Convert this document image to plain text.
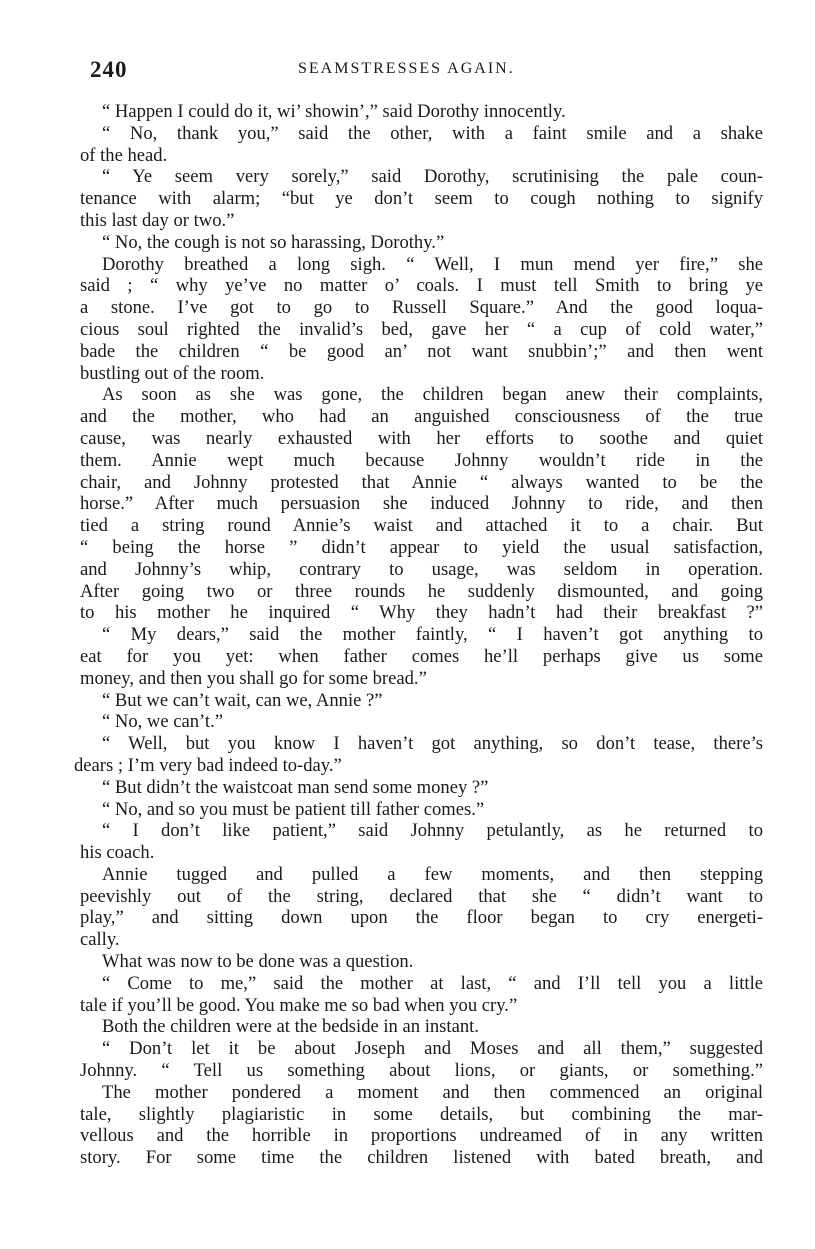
240	SEAMSTRESSES AGAIN.
“ Happen I could do it, wi’ showin’,” said Dorothy innocently.
“ No, thank you,” said the other, with a faint smile and a shake
of the head.
“ Ye seem very sorely,” said Dorothy, scrutinising the pale coun-
tenance with alarm; “but ye don’t seem to cough nothing to signify
this last day or two.”
“ No, the cough is not so harassing, Dorothy.”
Dorothy breathed a long sigh. “ Well, I mun mend yer fire,” she
said ; “ why ye’ve no matter o’ coals. I must tell Smith to bring ye
a stone. I’ve got to go to Russell Square.” And the good loqua-
cious soul righted the invalid’s bed, gave her “ a cup of cold water,”
bade the children “ be good an’ not want snubbin’;” and then went
bustling out of the room.
As soon as she was gone, the children began anew their complaints,
and the mother, who had an anguished consciousness of the true
cause, was nearly exhausted with her efforts to soothe and quiet
them. Annie wept much because Johnny wouldn’t ride in the
chair, and Johnny protested that Annie “ always wanted to be the
horse.” After much persuasion she induced Johnny to ride, and then
tied a string round Annie’s waist and attached it to a chair. But
“ being the horse ” didn’t appear to yield the usual satisfaction,
and Johnny’s whip, contrary to usage, was seldom in operation.
After going two or three rounds he suddenly dismounted, and going
to his mother he inquired “ Why they hadn’t had their breakfast ?”
“ My dears,” said the mother faintly, “ I haven’t got anything to
eat for you yet: when father comes he’ll perhaps give us some
money, and then you shall go for some bread.”
“ But we can’t wait, can we, Annie ?”
“ No, we can’t.”
“ Well, but you know I haven’t got anything, so don’t tease, there’s
dears ; I’m very bad indeed to-day.”
“ But didn’t the waistcoat man send some money ?”
“ No, and so you must be patient till father comes.”
“ I don’t like patient,” said Johnny petulantly, as he returned to
his coach.
Annie tugged and pulled a few moments, and then stepping
peevishly out of the string, declared that she “ didn’t want to
play,” and sitting down upon the floor began to cry energeti-
cally.
What was now to be done was a question.
“ Come to me,” said the mother at last, “ and I’ll tell you a little
tale if you’ll be good. You make me so bad when you cry.”
Both the children were at the bedside in an instant.
“ Don’t let it be about Joseph and Moses and all them,” suggested
Johnny. “ Tell us something about lions, or giants, or something.”
The mother pondered a moment and then commenced an original
tale, slightly plagiaristic in some details, but combining the mar-
vellous and the horrible in proportions undreamed of in any written
story. For some time the children listened with bated breath, and
